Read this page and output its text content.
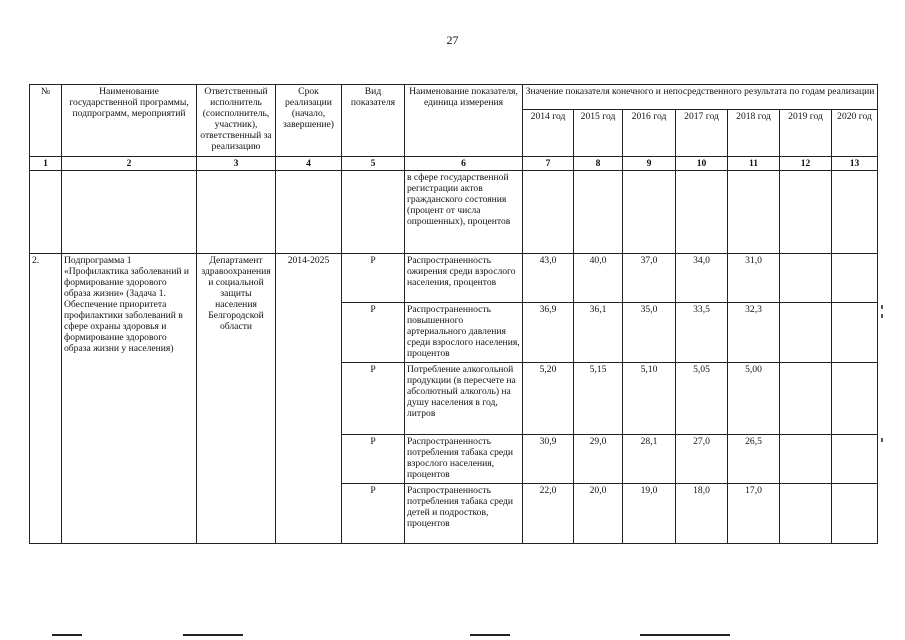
27
№	Наименование государственной программы, подпрограмм, мероприятий	Ответственный исполнитель (соисполнитель, участник), ответственный за реализацию	Срок реализации (начало, завершение)	Вид показателя	Наименование показателя, единица измерения	Значение показателя конечного и непосредственного результата по годам реализации						
						2014 год	2015 год	2016 год	2017 год	2018 год	2019 год	2020 год
1	2	3	4	5	6	7	8	9	10	11	12	13
					в сфере государственной регистрации актов гражданского состояния (процент от числа опрошенных), процентов							
2.	Подпрограмма 1 «Профилактика заболеваний и формирование здорового образа жизни» (Задача 1. Обеспечение приоритета профилактики заболеваний в сфере охраны здоровья и формирование здорового образа жизни у населения)	Департамент здравоохранения и социальной защиты населения Белгородской области	2014-2025	Р	Распространенность ожирения среди взрослого населения, процентов	43,0	40,0	37,0	34,0	31,0		
				Р	Распространенность повышенного артериального давления среди взрослого населения, процентов	36,9	36,1	35,0	33,5	32,3		
				Р	Потребление алкогольной продукции (в пересчете на абсолютный алкоголь) на душу населения в год, литров	5,20	5,15	5,10	5,05	5,00		
				Р	Распространенность потребления табака среди взрослого населения, процентов	30,9	29,0	28,1	27,0	26,5		
				Р	Распространенность потребления табака среди детей и подростков, процентов	22,0	20,0	19,0	18,0	17,0		
